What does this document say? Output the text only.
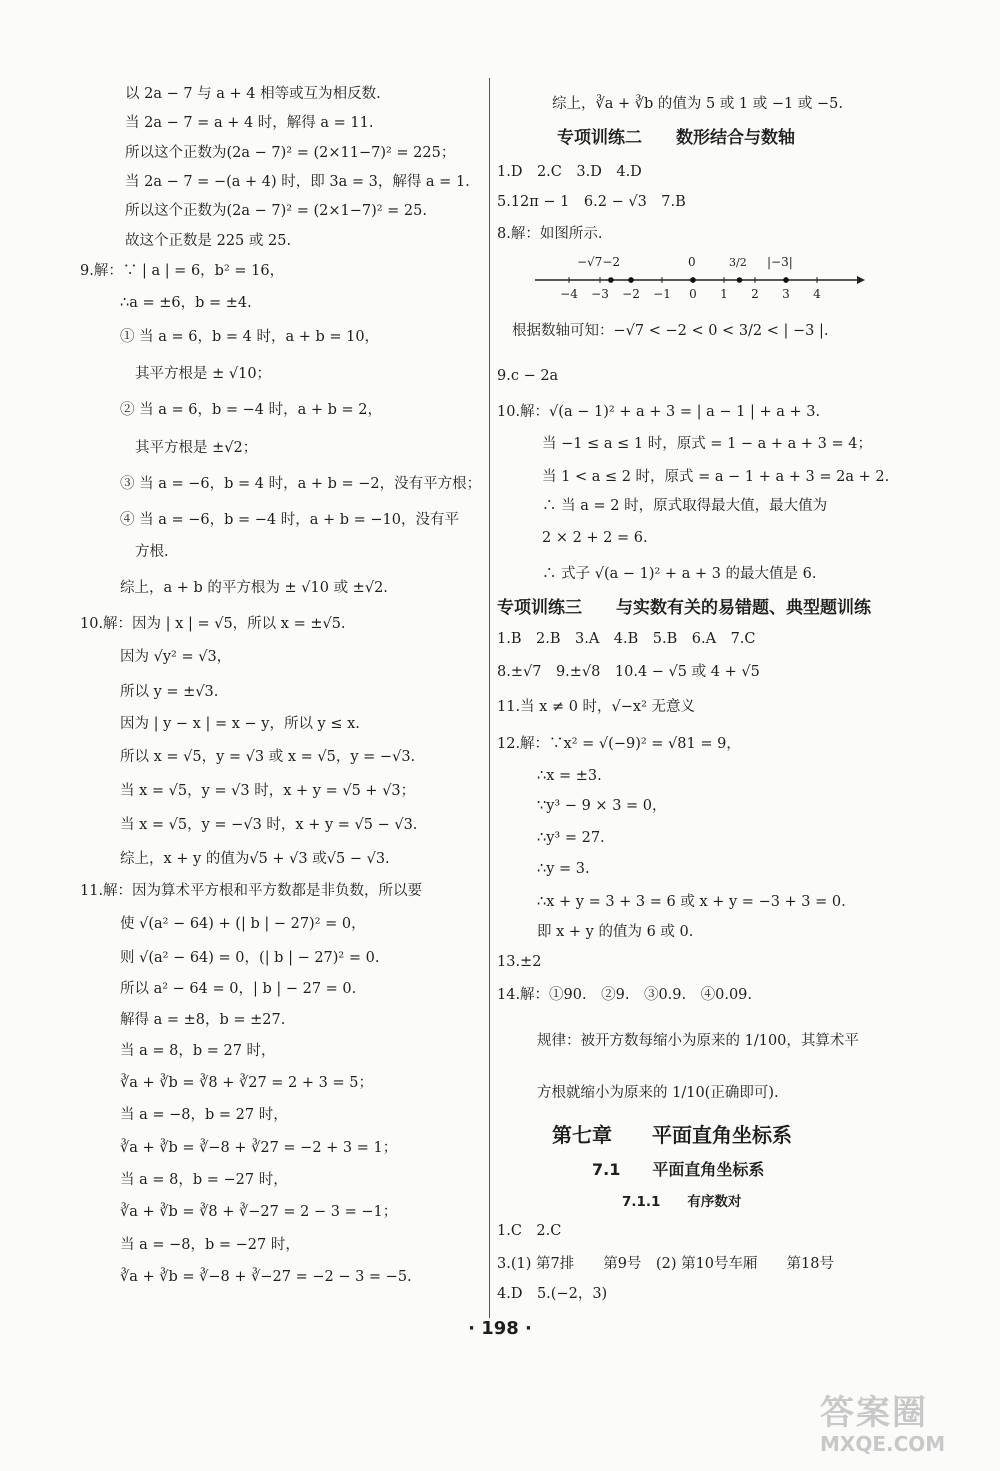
以 2a − 7 与 a + 4 相等或互为相反数.
当 2a − 7 = a + 4 时，解得 a = 11.
所以这个正数为(2a − 7)² = (2×11−7)² = 225；
当 2a − 7 = −(a + 4) 时，即 3a = 3，解得 a = 1.
所以这个正数为(2a − 7)² = (2×1−7)² = 25.
故这个正数是 225 或 25.
9.解：∵ | a | = 6，b² = 16，
∴a = ±6，b = ±4.
① 当 a = 6，b = 4 时，a + b = 10，
其平方根是 ± √10；
② 当 a = 6，b = −4 时，a + b = 2，
其平方根是 ±√2；
③ 当 a = −6，b = 4 时，a + b = −2，没有平方根；
④ 当 a = −6，b = −4 时，a + b = −10，没有平
方根.
综上，a + b 的平方根为 ± √10 或 ±√2.
10.解：因为 | x | = √5，所以 x = ±√5.
因为 √y² = √3，
所以 y = ±√3.
因为 | y − x | = x − y，所以 y ≤ x.
所以 x = √5，y = √3 或 x = √5，y = −√3.
当 x = √5，y = √3 时，x + y = √5 + √3；
当 x = √5，y = −√3 时，x + y = √5 − √3.
综上，x + y 的值为√5 + √3 或√5 − √3.
11.解：因为算术平方根和平方数都是非负数，所以要
使 √(a² − 64) + (| b | − 27)² = 0，
则 √(a² − 64) = 0，(| b | − 27)² = 0.
所以 a² − 64 = 0，| b | − 27 = 0.
解得 a = ±8，b = ±27.
当 a = 8，b = 27 时，
∛a + ∛b = ∛8 + ∛27 = 2 + 3 = 5；
当 a = −8，b = 27 时，
∛a + ∛b = ∛−8 + ∛27 = −2 + 3 = 1；
当 a = 8，b = −27 时，
∛a + ∛b = ∛8 + ∛−27 = 2 − 3 = −1；
当 a = −8，b = −27 时，
∛a + ∛b = ∛−8 + ∛−27 = −2 − 3 = −5.
综上，∛a + ∛b 的值为 5 或 1 或 −1 或 −5.
专项训练二　　数形结合与数轴
1.D　2.C　3.D　4.D
5.12π − 1　6.2 − √3　7.B
8.解：如图所示.
−√7−2	0	3/2 |−3|
−4 −3 −2 −1 0 1 2 3 4
根据数轴可知：−√7 < −2 < 0 < 3/2 < | −3 |.
9.c − 2a
10.解：√(a − 1)² + a + 3 = | a − 1 | + a + 3.
当 −1 ≤ a ≤ 1 时，原式 = 1 − a + a + 3 = 4；
当 1 < a ≤ 2 时，原式 = a − 1 + a + 3 = 2a + 2.
∴ 当 a = 2 时，原式取得最大值，最大值为
2 × 2 + 2 = 6.
∴ 式子 √(a − 1)² + a + 3 的最大值是 6.
专项训练三　　与实数有关的易错题、典型题训练
1.B　2.B　3.A　4.B　5.B　6.A　7.C
8.±√7　9.±√8　10.4 − √5 或 4 + √5
11.当 x ≠ 0 时，√−x² 无意义
12.解：∵x² = √(−9)² = √81 = 9，
∴x = ±3.
∵y³ − 9 × 3 = 0，
∴y³ = 27.
∴y = 3.
∴x + y = 3 + 3 = 6 或 x + y = −3 + 3 = 0.
即 x + y 的值为 6 或 0.
13.±2
14.解：①90.　②9.　③0.9.　④0.09.
规律：被开方数每缩小为原来的 1/100，其算术平
方根就缩小为原来的 1/10(正确即可).
第七章　　平面直角坐标系
7.1　　平面直角坐标系
7.1.1　　有序数对
1.C　2.C
3.(1) 第7排　　第9号　(2) 第10号车厢　　第18号
4.D　5.(−2，3)
· 198 ·
答案圈
MXQE.COM
